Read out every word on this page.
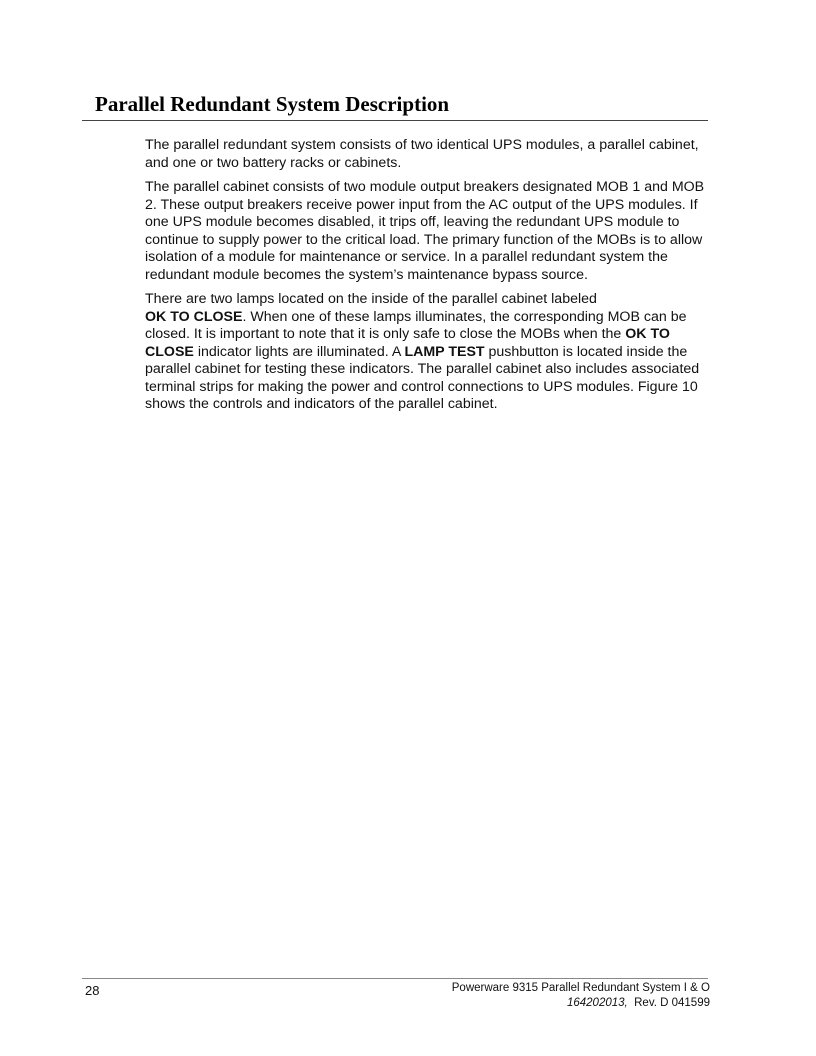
Parallel Redundant System Description

The parallel redundant system consists of two identical UPS modules, a parallel cabinet, and one or two battery racks or cabinets.

The parallel cabinet consists of two module output breakers designated MOB 1 and MOB 2. These output breakers receive power input from the AC output of the UPS modules. If one UPS module becomes disabled, it trips off, leaving the redundant UPS module to continue to supply power to the critical load. The primary function of the MOBs is to allow isolation of a module for maintenance or service. In a parallel redundant system the redundant module becomes the system’s maintenance bypass source.

There are two lamps located on the inside of the parallel cabinet labeled
OK TO CLOSE. When one of these lamps illuminates, the corresponding MOB can be closed. It is important to note that it is only safe to close the MOBs when the OK TO CLOSE indicator lights are illuminated. A LAMP TEST pushbutton is located inside the parallel cabinet for testing these indicators. The parallel cabinet also includes associated terminal strips for making the power and control connections to UPS modules. Figure 10 shows the controls and indicators of the parallel cabinet.

28	Powerware 9315 Parallel Redundant System I & O
164202013, Rev. D 041599
